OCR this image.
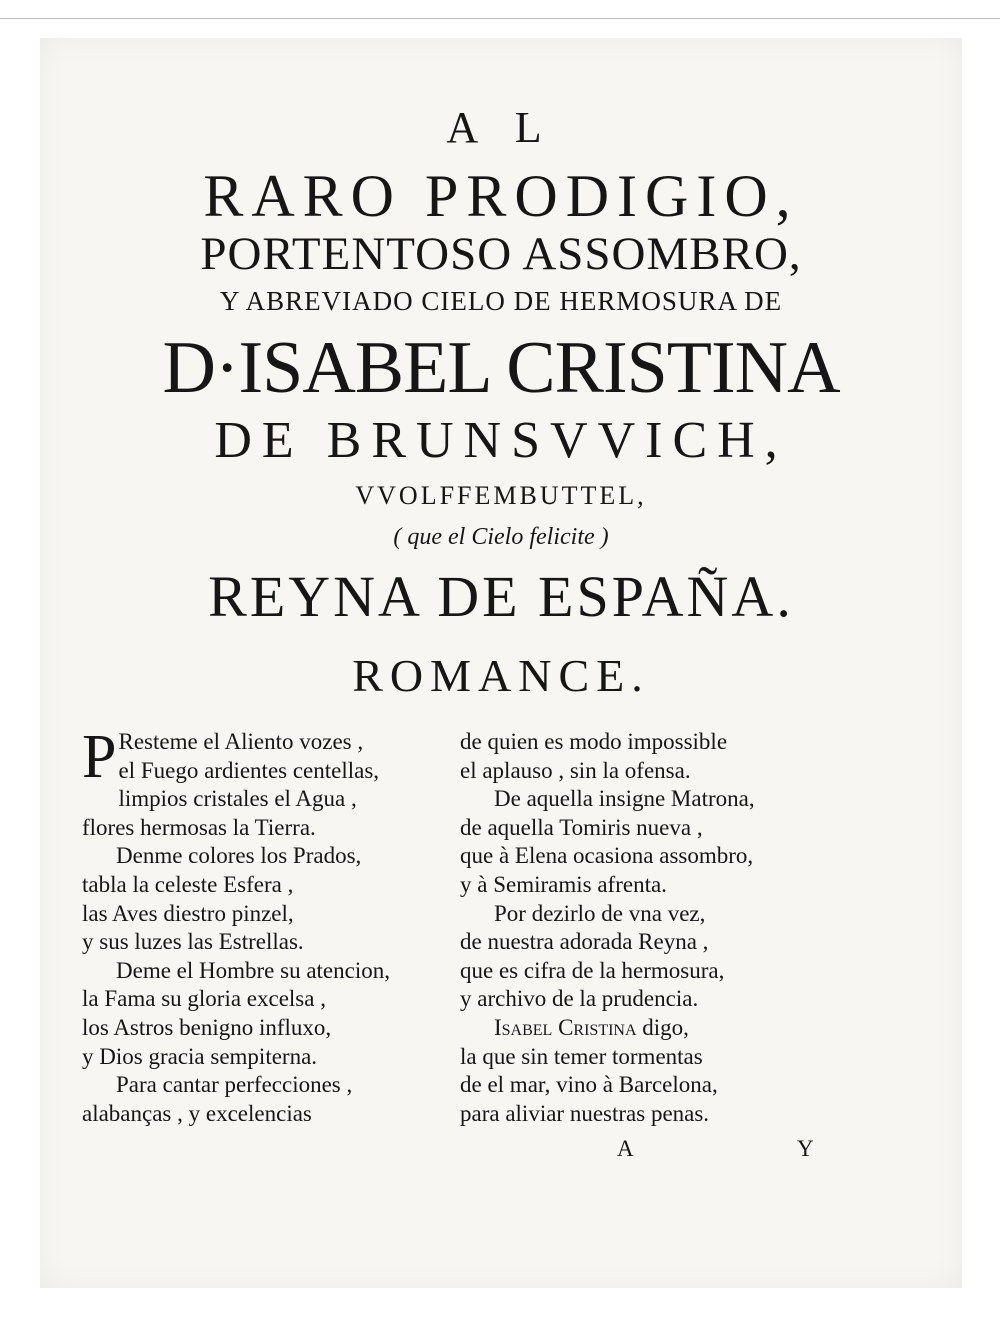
A L
RARO PRODIGIO,
PORTENTOSO ASSOMBRO,
Y ABREVIADO CIELO DE HERMOSURA DE
D·ISABEL CRISTINA
DE BRUNSVVICH,
VVOLFFEMBUTTEL,
( que el Cielo felicite )
REYNA DE ESPAÑA.
ROMANCE.
P Resteme el Aliento vozes ,
el Fuego ardientes centellas,
limpios cristales el Agua ,
flores hermosas la Tierra.
Denme colores los Prados,
tabla la celeste Esfera ,
las Aves diestro pinzel,
y sus luzes las Estrellas.
Deme el Hombre su atencion,
la Fama su gloria excelsa ,
los Astros benigno influxo,
y Dios gracia sempiterna.
Para cantar perfecciones ,
alabanças , y excelencias
de quien es modo impossible
el aplauso , sin la ofensa.
De aquella insigne Matrona,
de aquella Tomiris nueva ,
que à Elena ocasiona assombro,
y à Semiramis afrenta.
Por dezirlo de vna vez,
de nuestra adorada Reyna ,
que es cifra de la hermosura,
y archivo de la prudencia.
Isabel Cristina digo,
la que sin temer tormentas
de el mar, vino à Barcelona,
para aliviar nuestras penas.
A	Y
